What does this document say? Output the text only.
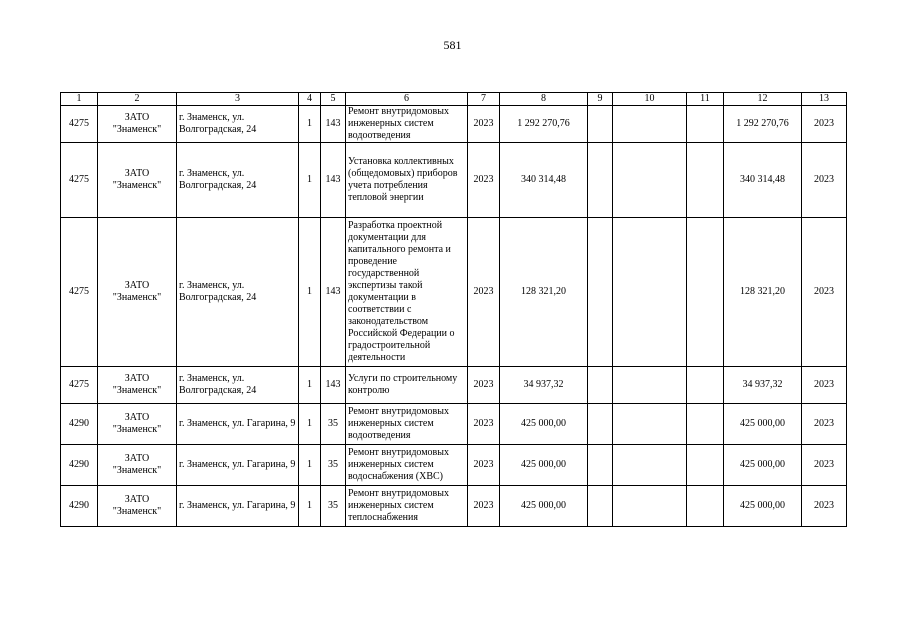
581
1	2	3	4	5	6	7	8	9	10	11	12	13
4275	ЗАТО "Знаменск"	г. Знаменск, ул. Волгоградская, 24	1	143	Ремонт внутридомовых инженерных систем водоотведения	2023	1 292 270,76				1 292 270,76	2023
4275	ЗАТО "Знаменск"	г. Знаменск, ул. Волгоградская, 24	1	143	Установка коллективных (общедомовых) приборов учета потребления тепловой энергии	2023	340 314,48				340 314,48	2023
4275	ЗАТО "Знаменск"	г. Знаменск, ул. Волгоградская, 24	1	143	Разработка проектной документации для капитального ремонта и проведение государственной экспертизы такой документации в соответствии с законодательством Российской Федерации о градостроительной деятельности	2023	128 321,20				128 321,20	2023
4275	ЗАТО "Знаменск"	г. Знаменск, ул. Волгоградская, 24	1	143	Услуги по строительному контролю	2023	34 937,32				34 937,32	2023
4290	ЗАТО "Знаменск"	г. Знаменск, ул. Гагарина, 9	1	35	Ремонт внутридомовых инженерных систем водоотведения	2023	425 000,00				425 000,00	2023
4290	ЗАТО "Знаменск"	г. Знаменск, ул. Гагарина, 9	1	35	Ремонт внутридомовых инженерных систем водоснабжения (ХВС)	2023	425 000,00				425 000,00	2023
4290	ЗАТО "Знаменск"	г. Знаменск, ул. Гагарина, 9	1	35	Ремонт внутридомовых инженерных систем теплоснабжения	2023	425 000,00				425 000,00	2023
